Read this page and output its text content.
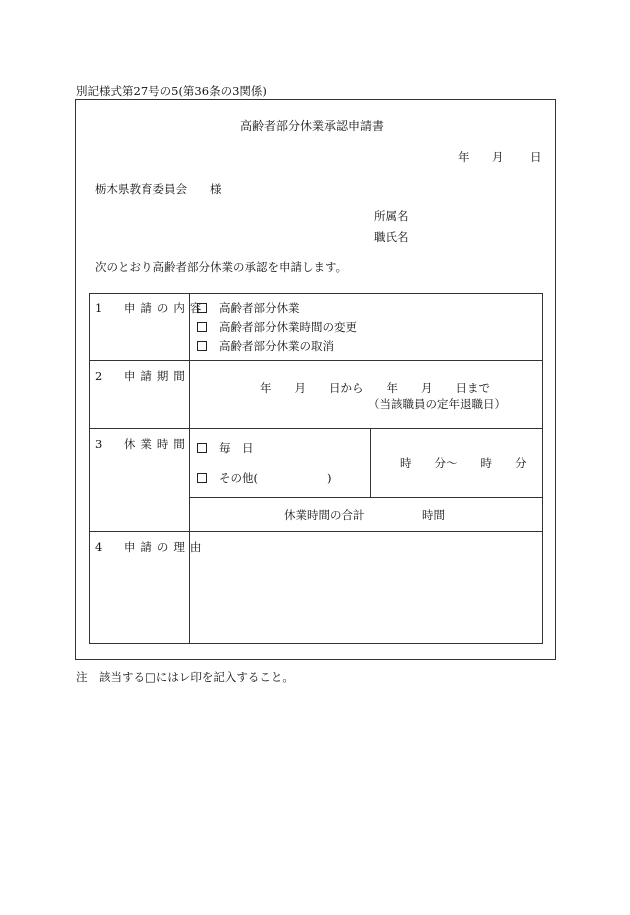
別記様式第27号の5(第36条の3関係)
高齢者部分休業承認申請書
年 月 日
栃木県教育委員会　　様
所属名
職氏名
次のとおり高齢者部分休業の承認を申請します。
1　申請の内容	高齢者部分休業
高齢者部分休業時間の変更
高齢者部分休業の取消
2　申請期間
年　　月　　日から　　年　　月　　日まで
（当該職員の定年退職日）
3　休業時間	毎　日
その他(　　　　　　)
時　　分～　　時　　分
休業時間の合計　　　　　時間
4　申請の理由
注　該当する□にはレ印を記入すること。
